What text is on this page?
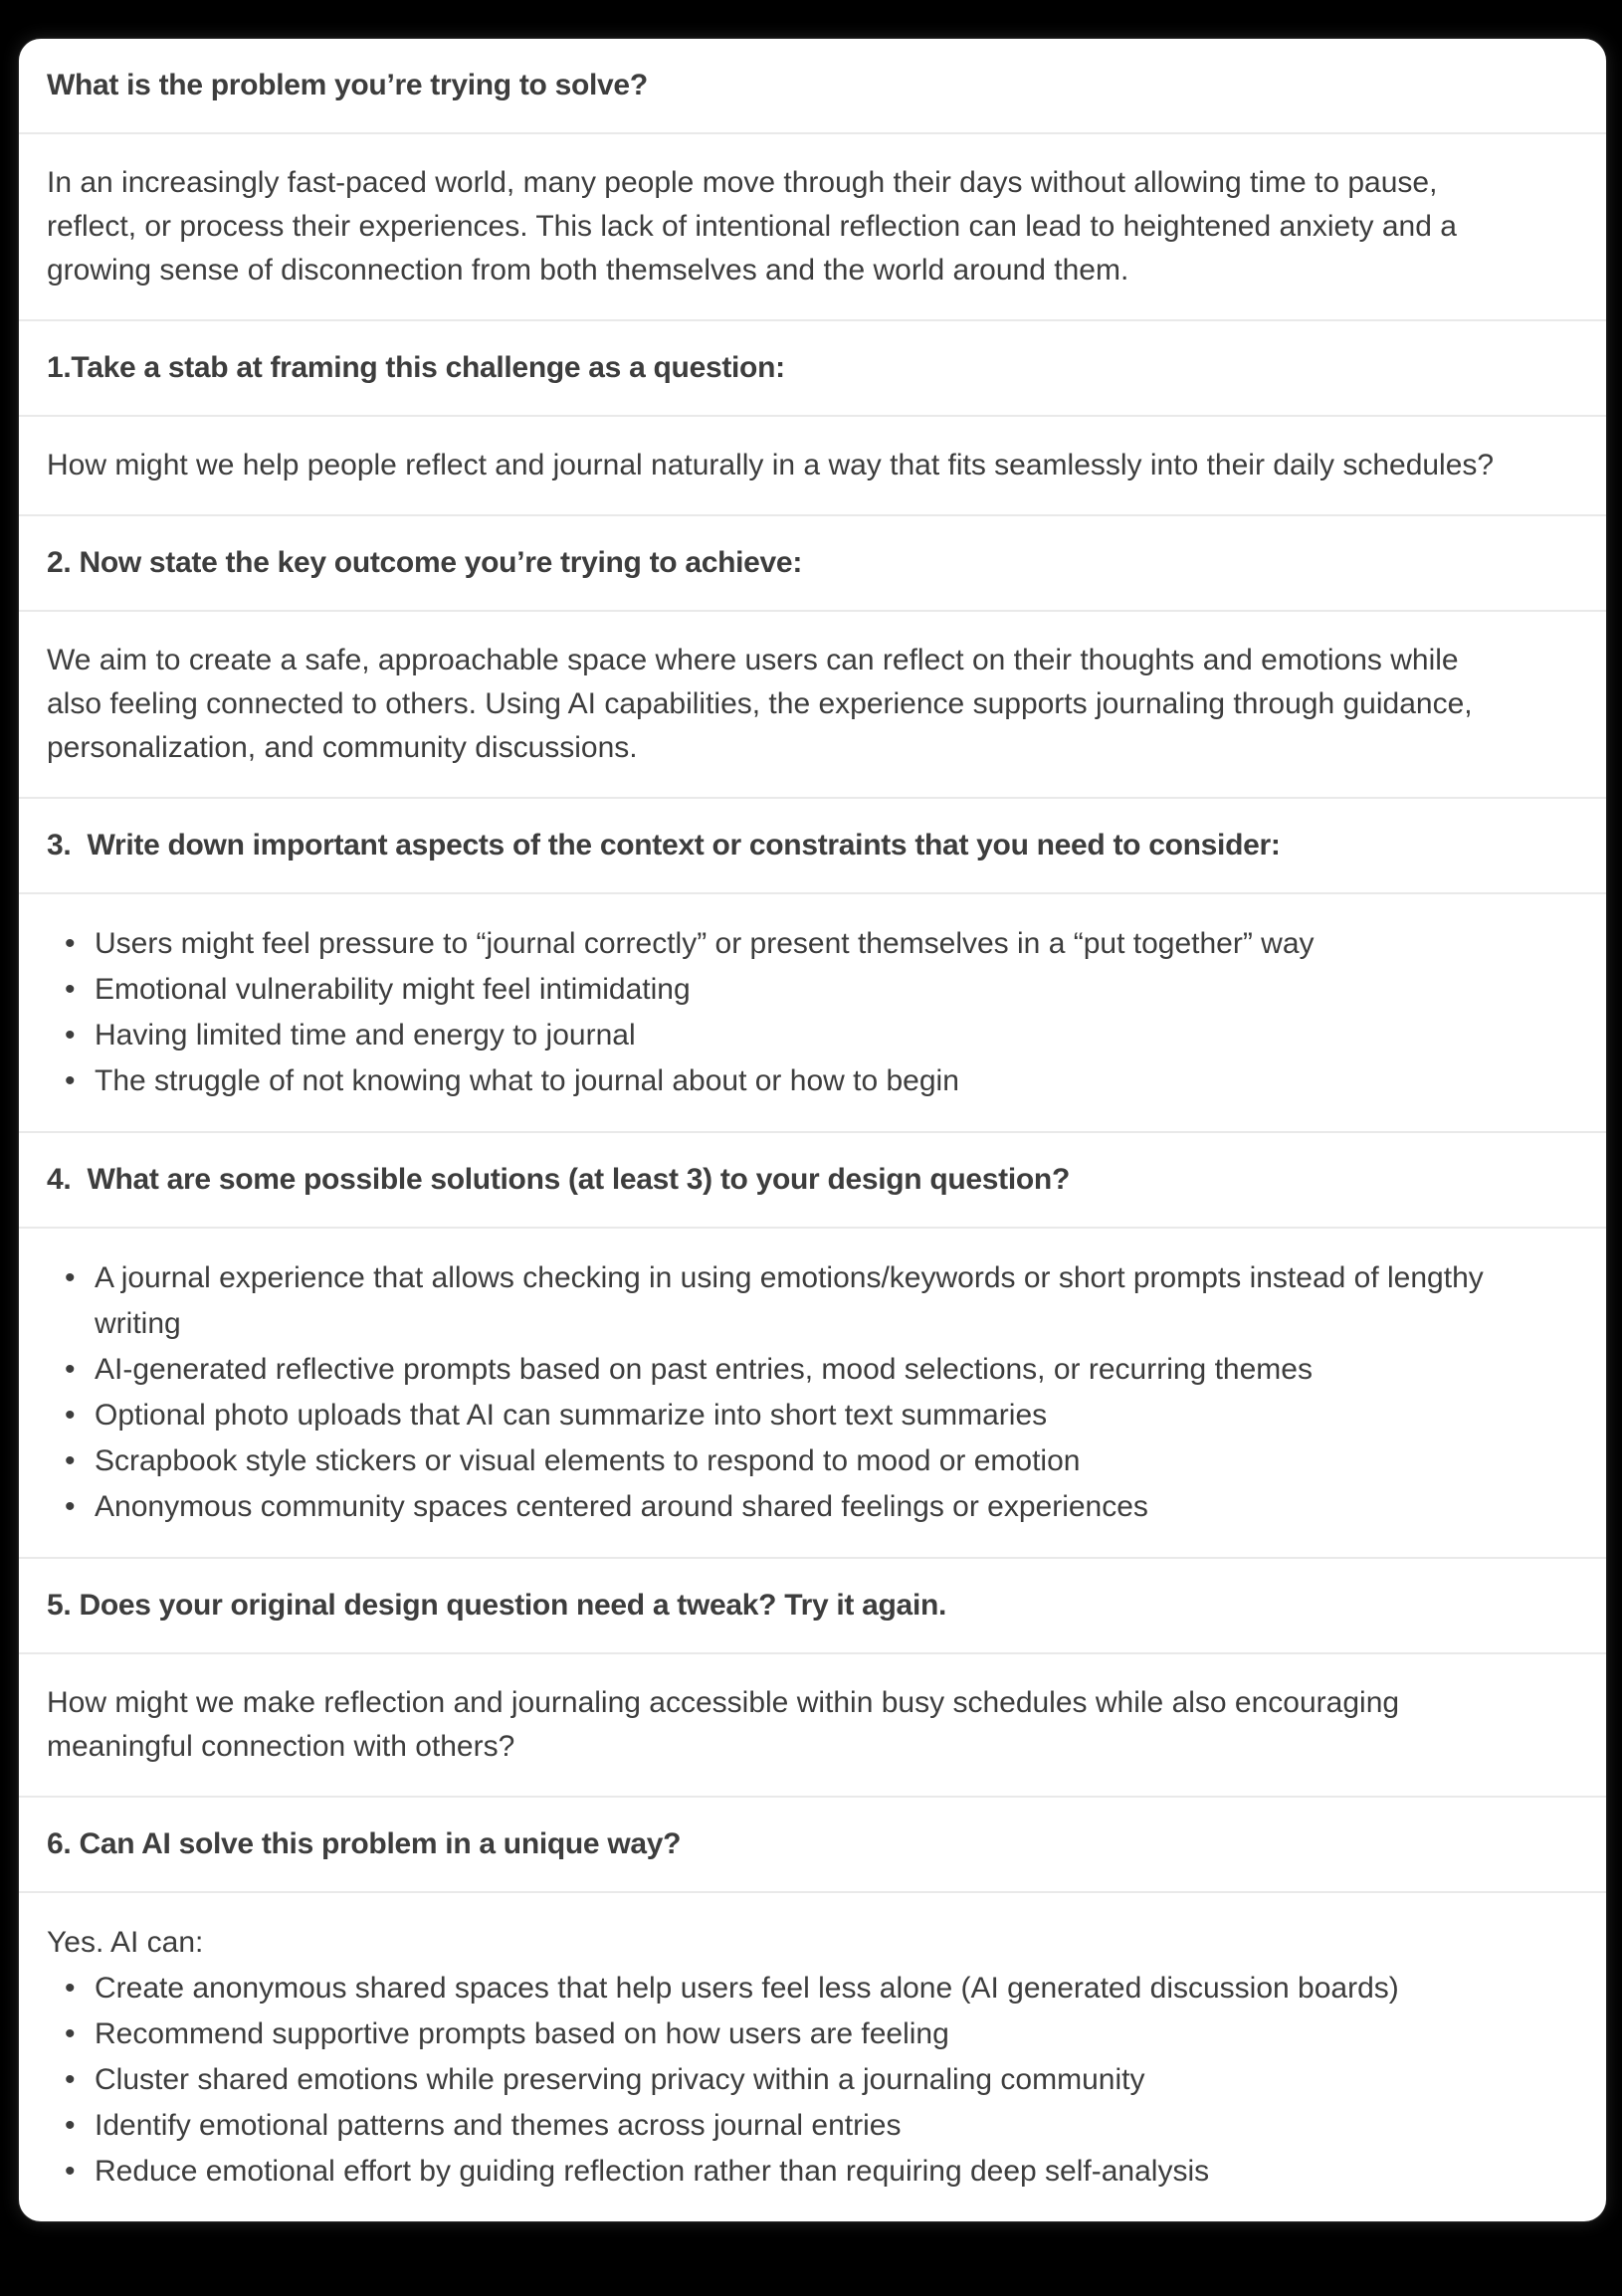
What is the problem you’re trying to solve?

In an increasingly fast-paced world, many people move through their days without allowing time to pause, reflect, or process their experiences. This lack of intentional reflection can lead to heightened anxiety and a growing sense of disconnection from both themselves and the world around them.

1.Take a stab at framing this challenge as a question:

How might we help people reflect and journal naturally in a way that fits seamlessly into their daily schedules?

2. Now state the key outcome you’re trying to achieve:

We aim to create a safe, approachable space where users can reflect on their thoughts and emotions while also feeling connected to others. Using AI capabilities, the experience supports journaling through guidance, personalization, and community discussions.

3.  Write down important aspects of the context or constraints that you need to consider:
• Users might feel pressure to “journal correctly” or present themselves in a “put together” way
• Emotional vulnerability might feel intimidating
• Having limited time and energy to journal
• The struggle of not knowing what to journal about or how to begin
4.  What are some possible solutions (at least 3) to your design question?
• A journal experience that allows checking in using emotions/keywords or short prompts instead of lengthy writing
• AI-generated reflective prompts based on past entries, mood selections, or recurring themes
• Optional photo uploads that AI can summarize into short text summaries
• Scrapbook style stickers or visual elements to respond to mood or emotion
• Anonymous community spaces centered around shared feelings or experiences
5. Does your original design question need a tweak? Try it again.

How might we make reflection and journaling accessible within busy schedules while also encouraging meaningful connection with others?

6. Can AI solve this problem in a unique way?

Yes. AI can:

• Create anonymous shared spaces that help users feel less alone (AI generated discussion boards)
• Recommend supportive prompts based on how users are feeling
• Cluster shared emotions while preserving privacy within a journaling community
• Identify emotional patterns and themes across journal entries
• Reduce emotional effort by guiding reflection rather than requiring deep self-analysis
